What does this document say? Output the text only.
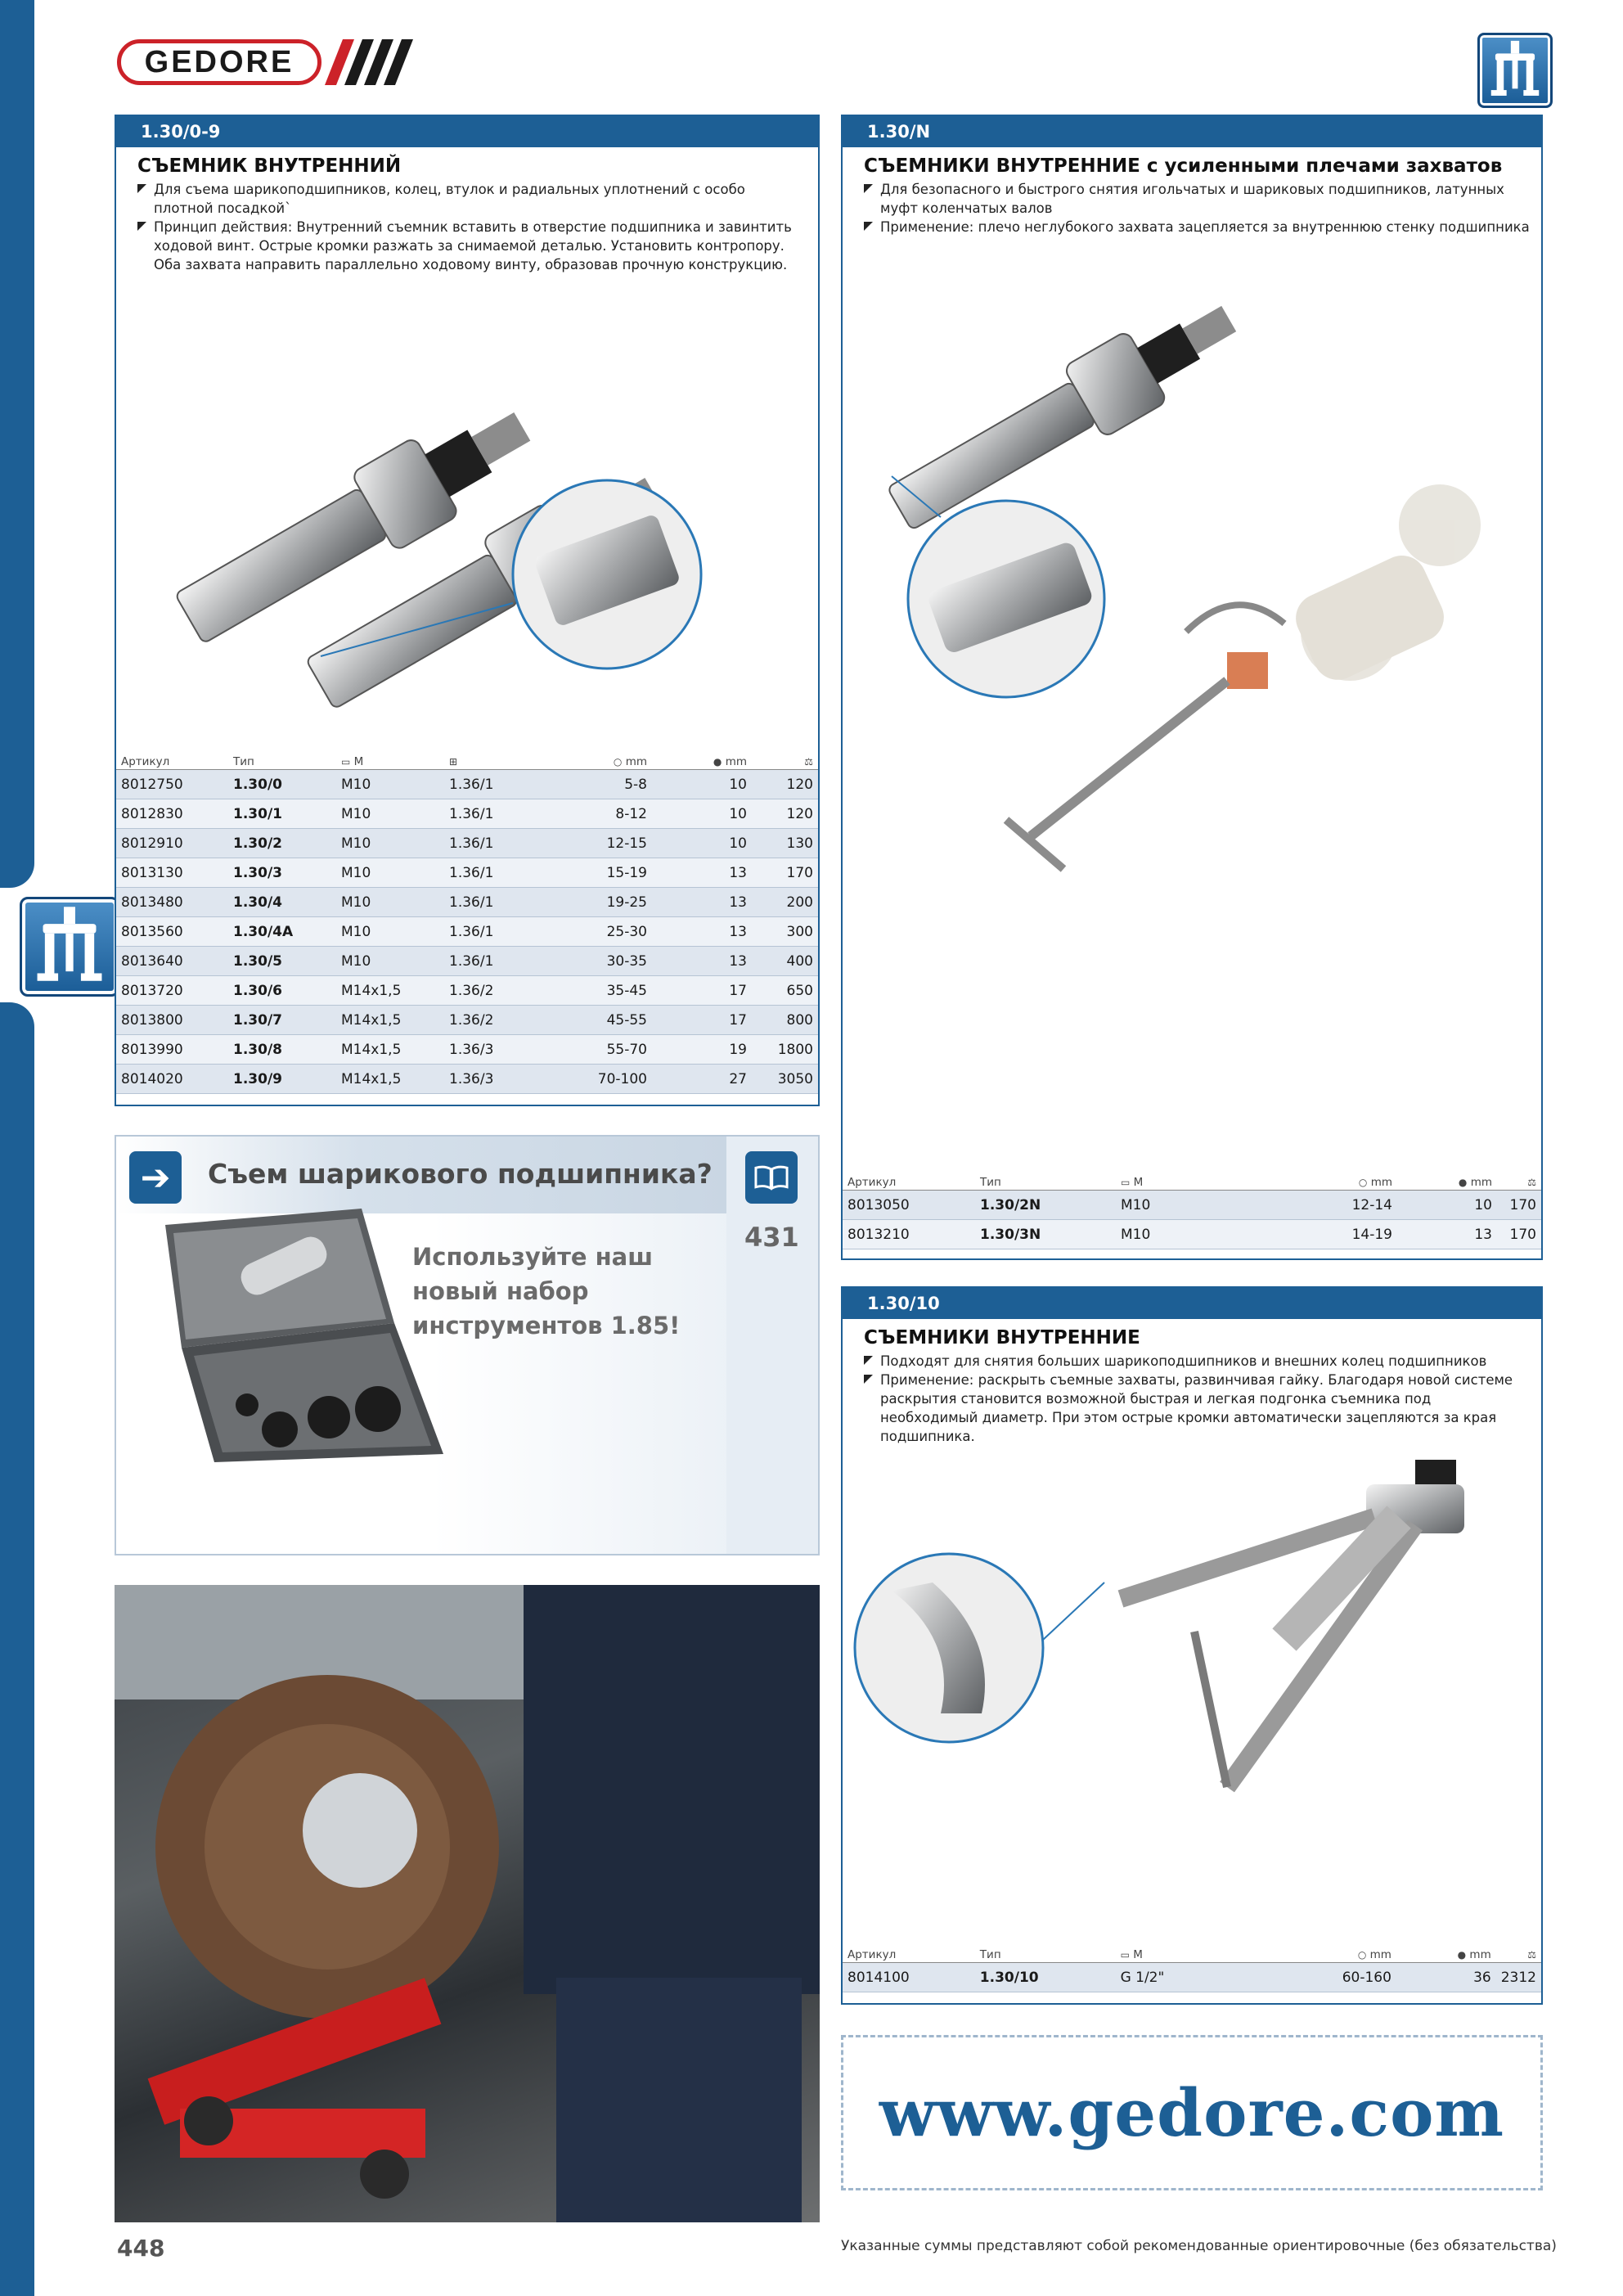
GEDORE
1.30/0-9
СЪЕМНИК ВНУТРЕННИЙ
Для съема шарикоподшипников, колец, втулок и радиальных уплотнений с особо плотной посадкой`
Принцип действия: Внутренний съемник вставить в отверстие подшипника и завинтить ходовой винт. Острые кромки разжать за снимаемой деталью. Установить контропору. Оба захвата направить параллельно ходовому винту, образовав прочную конструкцию.
Артикул	Тип	▭ M	⊞	○ mm	● mm	⚖
8012750	1.30/0	M10	1.36/1	5-8	10	120
8012830	1.30/1	M10	1.36/1	8-12	10	120
8012910	1.30/2	M10	1.36/1	12-15	10	130
8013130	1.30/3	M10	1.36/1	15-19	13	170
8013480	1.30/4	M10	1.36/1	19-25	13	200
8013560	1.30/4A	M10	1.36/1	25-30	13	300
8013640	1.30/5	M10	1.36/1	30-35	13	400
8013720	1.30/6	M14x1,5	1.36/2	35-45	17	650
8013800	1.30/7	M14x1,5	1.36/2	45-55	17	800
8013990	1.30/8	M14x1,5	1.36/3	55-70	19	1800
8014020	1.30/9	M14x1,5	1.36/3	70-100	27	3050
1.30/N
СЪЕМНИКИ ВНУТРЕННИЕ с усиленными плечами захватов
Для безопасного и быстрого снятия игольчатых и шариковых подшипников, латунных муфт коленчатых валов
Применение: плечо неглубокого захвата зацепляется за внутреннюю стенку подшипника
Артикул	Тип	▭ M	○ mm	● mm	⚖
8013050	1.30/2N	M10	12-14	10	170
8013210	1.30/3N	M10	14-19	13	170
1.30/10
СЪЕМНИКИ ВНУТРЕННИЕ
Подходят для снятия больших шарикоподшипников и внешних колец подшипников
Применение: раскрыть съемные захваты, развинчивая гайку. Благодаря новой системе раскрытия становится возможной быстрая и легкая подгонка съемника под необходимый диаметр. При этом острые кромки автоматически зацепляются за края подшипника.
Артикул	Тип	▭ M	○ mm	● mm	⚖
8014100	1.30/10	G 1/2"	60-160	36	2312
➔	Съем шарикового подшипника?
431
Используйте наш новый набор инструментов 1.85!
www.gedore.com
448	Указанные суммы представляют собой рекомендованные ориентировочные (без обязательства)
